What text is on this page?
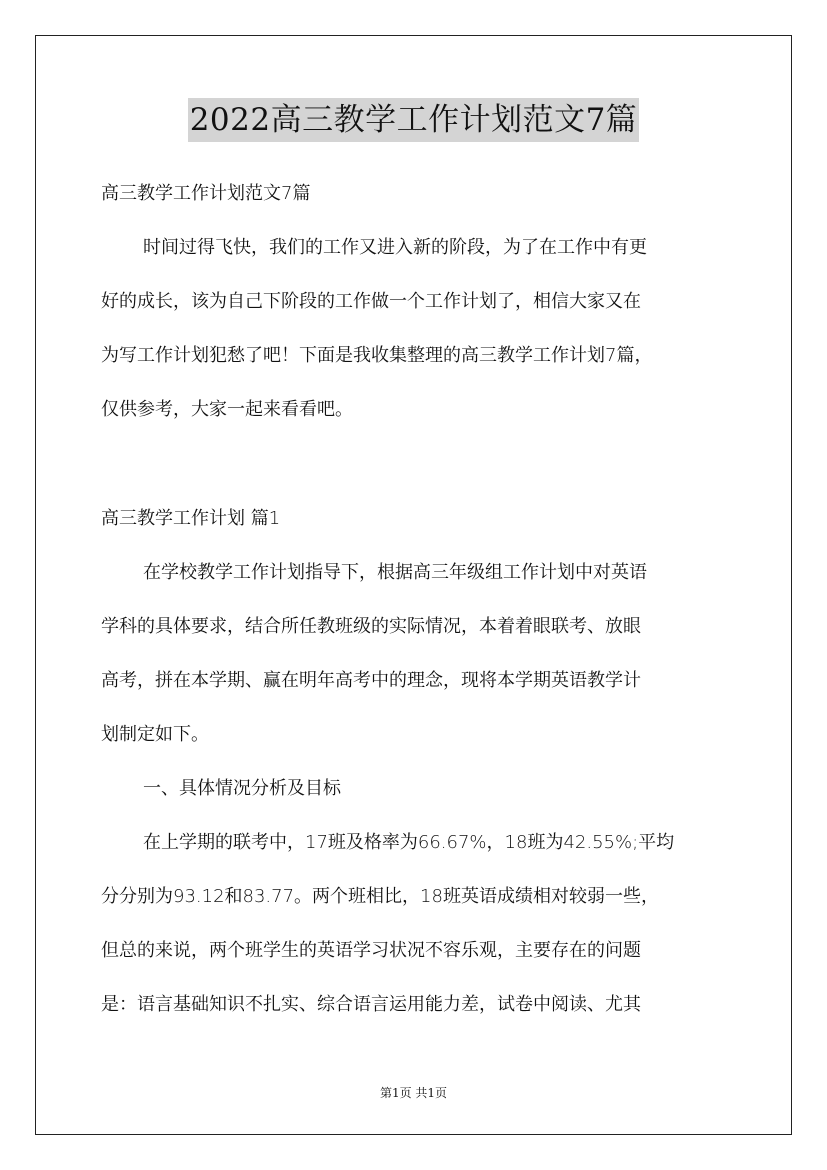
2022高三教学工作计划范文7篇
高三教学工作计划范文7篇
时间过得飞快，我们的工作又进入新的阶段，为了在工作中有更
好的成长，该为自己下阶段的工作做一个工作计划了，相信大家又在
为写工作计划犯愁了吧！下面是我收集整理的高三教学工作计划7篇，
仅供参考，大家一起来看看吧。
高三教学工作计划 篇1
在学校教学工作计划指导下，根据高三年级组工作计划中对英语
学科的具体要求，结合所任教班级的实际情况，本着着眼联考、放眼
高考，拼在本学期、赢在明年高考中的理念，现将本学期英语教学计
划制定如下。
一、具体情况分析及目标
在上学期的联考中，17班及格率为66.67%，18班为42.55%;平均
分分别为93.12和83.77。两个班相比，18班英语成绩相对较弱一些，
但总的来说，两个班学生的英语学习状况不容乐观，主要存在的问题
是：语言基础知识不扎实、综合语言运用能力差，试卷中阅读、尤其
第1页 共1页
